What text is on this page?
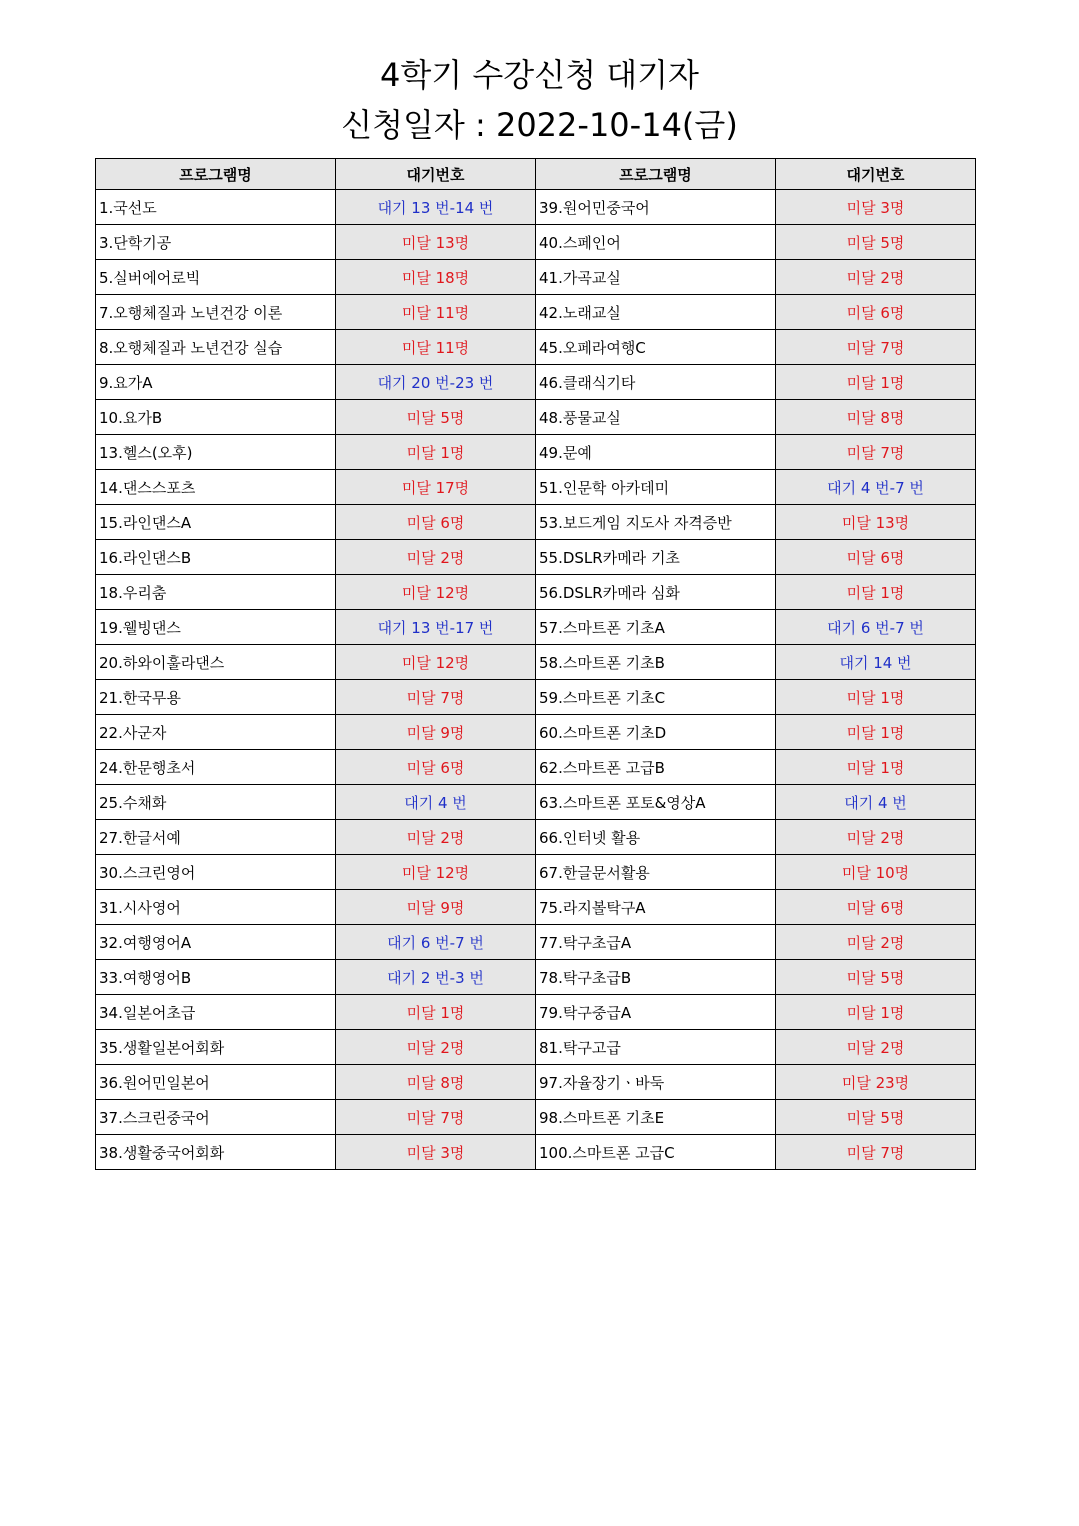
4학기 수강신청 대기자
신청일자 : 2022-10-14(금)
프로그램명	대기번호	프로그램명	대기번호
1.국선도	대기 13 번-14 번	39.원어민중국어	미달 3명
3.단학기공	미달 13명	40.스페인어	미달 5명
5.실버에어로빅	미달 18명	41.가곡교실	미달 2명
7.오행체질과 노년건강 이론	미달 11명	42.노래교실	미달 6명
8.오행체질과 노년건강 실습	미달 11명	45.오페라여행C	미달 7명
9.요가A	대기 20 번-23 번	46.클래식기타	미달 1명
10.요가B	미달 5명	48.풍물교실	미달 8명
13.헬스(오후)	미달 1명	49.문예	미달 7명
14.댄스스포츠	미달 17명	51.인문학 아카데미	대기 4 번-7 번
15.라인댄스A	미달 6명	53.보드게임 지도사 자격증반	미달 13명
16.라인댄스B	미달 2명	55.DSLR카메라 기초	미달 6명
18.우리춤	미달 12명	56.DSLR카메라 심화	미달 1명
19.웰빙댄스	대기 13 번-17 번	57.스마트폰 기초A	대기 6 번-7 번
20.하와이훌라댄스	미달 12명	58.스마트폰 기초B	대기 14 번
21.한국무용	미달 7명	59.스마트폰 기초C	미달 1명
22.사군자	미달 9명	60.스마트폰 기초D	미달 1명
24.한문행초서	미달 6명	62.스마트폰 고급B	미달 1명
25.수채화	대기 4 번	63.스마트폰 포토&영상A	대기 4 번
27.한글서예	미달 2명	66.인터넷 활용	미달 2명
30.스크린영어	미달 12명	67.한글문서활용	미달 10명
31.시사영어	미달 9명	75.라지볼탁구A	미달 6명
32.여행영어A	대기 6 번-7 번	77.탁구초급A	미달 2명
33.여행영어B	대기 2 번-3 번	78.탁구초급B	미달 5명
34.일본어초급	미달 1명	79.탁구중급A	미달 1명
35.생활일본어회화	미달 2명	81.탁구고급	미달 2명
36.원어민일본어	미달 8명	97.자율장기ㆍ바둑	미달 23명
37.스크린중국어	미달 7명	98.스마트폰 기초E	미달 5명
38.생활중국어회화	미달 3명	100.스마트폰 고급C	미달 7명
